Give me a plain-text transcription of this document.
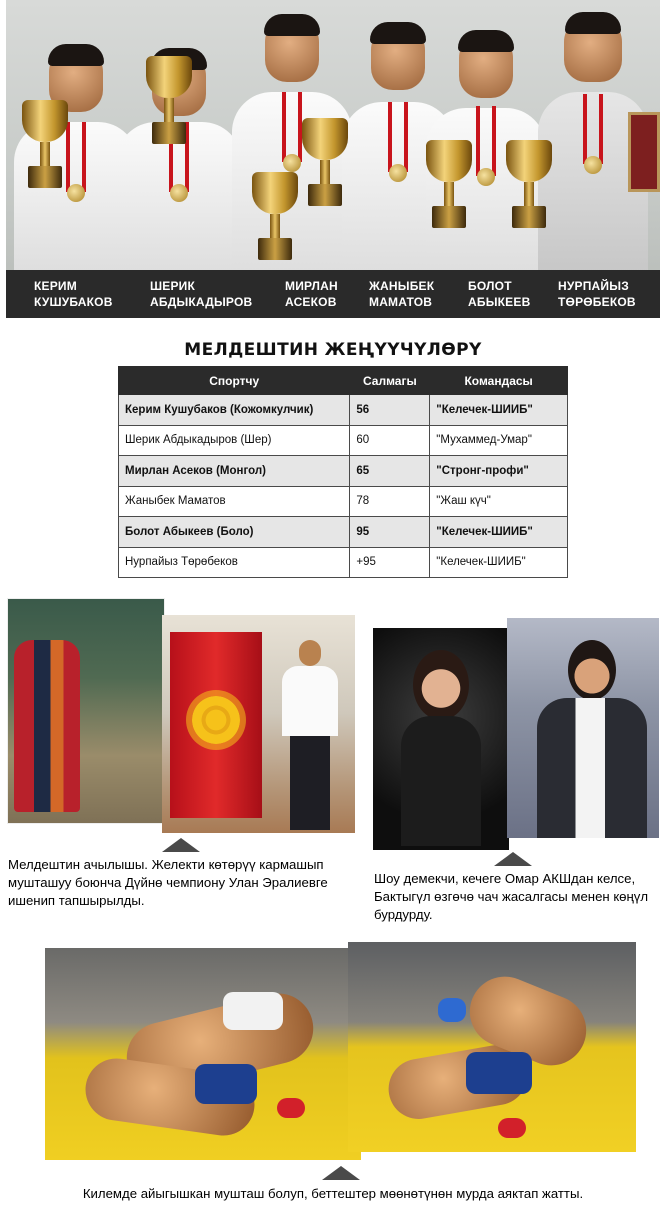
КЕРИМ
КУШУБАКОВ
ШЕРИК
АБДЫКАДЫРОВ
МИРЛАН
АСЕКОВ
ЖАНЫБЕК
МАМАТОВ
БОЛОТ
АБЫКЕЕВ
НУРПАЙЫЗ
ТӨРӨБЕКОВ
МЕЛДЕШТИН ЖЕҢҮҮЧҮЛӨРҮ
Спортчу	Салмагы	Командасы
Керим Кушубаков (Кожомкулчик)	56	"Келечек-ШИИБ"
Шерик Абдыкадыров (Шер)	60	"Мухаммед-Умар"
Мирлан Асеков (Монгол)	65	"Стронг-профи"
Жаныбек Маматов	78	"Жаш күч"
Болот Абыкеев (Боло)	95	"Келечек-ШИИБ"
Нурпайыз Төрөбеков	+95	"Келечек-ШИИБ"
Мелдештин ачылышы. Желекти көтөрүү кармашып мушташуу боюнча Дүйнө чемпиону Улан Эралиевге ишенип тапшырылды.
Шоу демекчи, кечеге Омар АКШдан келсе, Бактыгүл өзгөчө чач жасалгасы менен көңүл бурдурду.
Килемде айыгышкан мушташ болуп, беттештер мөөнөтүнөн мурда аяктап жатты.
